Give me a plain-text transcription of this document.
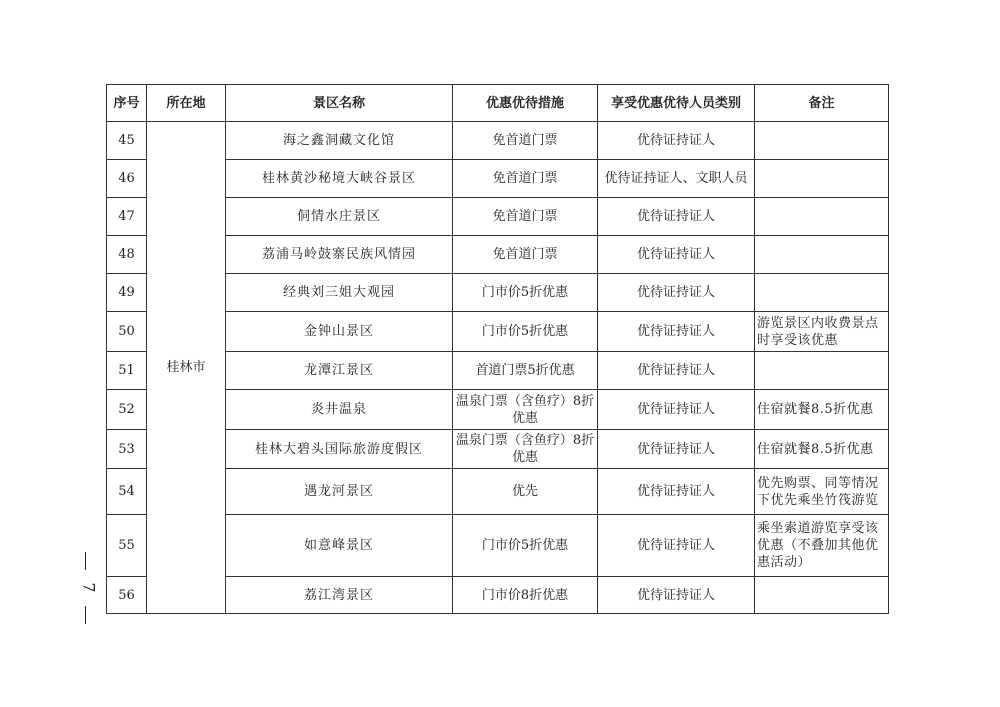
序号	所在地	景区名称	优惠优待措施	享受优惠优待人员类别	备注
45	桂林市	海之鑫洞藏文化馆	免首道门票	优待证持证人	
46		桂林黄沙秘境大峡谷景区	免首道门票	优待证持证人、文职人员	
47		侗情水庄景区	免首道门票	优待证持证人	
48		荔浦马岭鼓寨民族风情园	免首道门票	优待证持证人	
49		经典刘三姐大观园	门市价5折优惠	优待证持证人	
50		金钟山景区	门市价5折优惠	优待证持证人	游览景区内收费景点时享受该优惠
51		龙潭江景区	首道门票5折优惠	优待证持证人	
52		炎井温泉	温泉门票（含鱼疗）8折优惠	优待证持证人	住宿就餐8.5折优惠
53		桂林大碧头国际旅游度假区	温泉门票（含鱼疗）8折优惠	优待证持证人	住宿就餐8.5折优惠
54		遇龙河景区	优先	优待证持证人	优先购票、同等情况下优先乘坐竹筏游览
55		如意峰景区	门市价5折优惠	优待证持证人	乘坐索道游览享受该优惠（不叠加其他优惠活动）
56		荔江湾景区	门市价8折优惠	优待证持证人	
7
